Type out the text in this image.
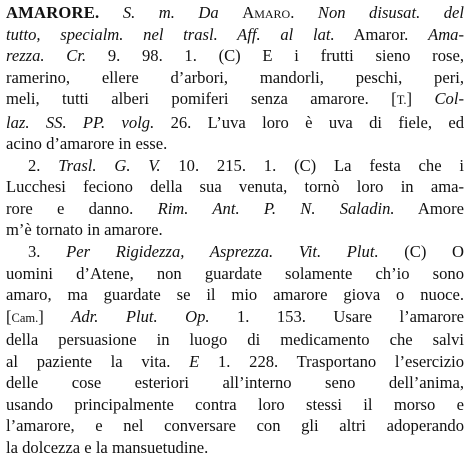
AMARORE. S. m. Da Amaro. Non disusat. del
tutto, specialm. nel trasl. Aff. al lat. Amaror. Ama-
rezza. Cr. 9. 98. 1. (C) E i frutti sieno rose,
ramerino, ellere d’arbori, mandorli, peschi, peri,
meli, tutti alberi pomiferi senza amarore. [T.] Col-
laz. SS. PP. volg. 26. L’uva loro è uva di fiele, ed
acino d’amarore in esse.
2. Trasl. G. V. 10. 215. 1. (C) La festa che i
Lucchesi feciono della sua venuta, tornò loro in ama-
rore e danno. Rim. Ant. P. N. Saladin. Amore
m’è tornato in amarore.
3. Per Rigidezza, Asprezza. Vit. Plut. (C) O
uomini d’Atene, non guardate solamente ch’io sono
amaro, ma guardate se il mio amarore giova o nuoce.
[Cam.] Adr. Plut. Op. 1. 153. Usare l’amarore
della persuasione in luogo di medicamento che salvi
al paziente la vita. E 1. 228. Trasportano l’esercizio
delle cose esteriori all’interno seno dell’anima,
usando principalmente contra loro stessi il morso e
l’amarore, e nel conversare con gli altri adoperando
la dolcezza e la mansuetudine.
